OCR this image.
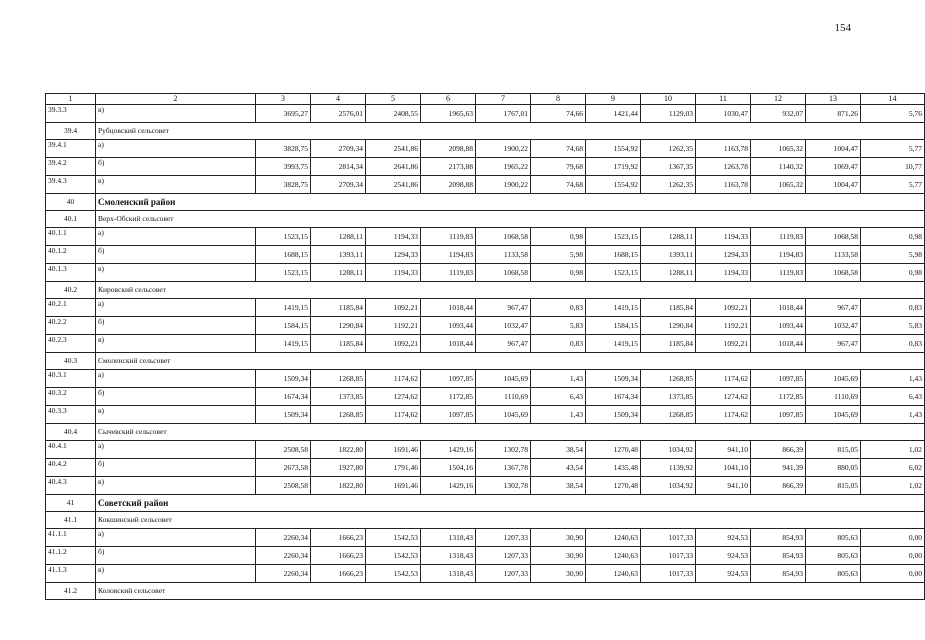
154
1	2	3	4	5	6	7	8	9	10	11	12	13	14
39.3.3	в)	3695,27	2576,01	2408,55	1965,63	1767,01	74,66	1421,44	1129,03	1030,47	932,07	871,26	5,76
39.4	Рубцовский сельсовет												
39.4.1	а)	3828,75	2709,34	2541,86	2098,88	1900,22	74,68	1554,92	1262,35	1163,78	1065,32	1004,47	5,77
39.4.2	б)	3993,75	2814,34	2641,86	2173,88	1965,22	79,68	1719,92	1367,35	1263,78	1140,32	1069,47	10,77
39.4.3	в)	3828,75	2709,34	2541,86	2098,88	1900,22	74,68	1554,92	1262,35	1163,78	1065,32	1004,47	5,77
40	Смоленский район												
40.1	Верх-Обский сельсовет												
40.1.1	а)	1523,15	1288,11	1194,33	1119,83	1068,58	0,98	1523,15	1288,11	1194,33	1119,83	1068,58	0,98
40.1.2	б)	1688,15	1393,11	1294,33	1194,83	1133,58	5,98	1688,15	1393,11	1294,33	1194,83	1133,58	5,98
40.1.3	в)	1523,15	1288,11	1194,33	1119,83	1068,58	0,98	1523,15	1288,11	1194,33	1119,83	1068,58	0,98
40.2	Кировский сельсовет												
40.2.1	а)	1419,15	1185,84	1092,21	1018,44	967,47	0,83	1419,15	1185,84	1092,21	1018,44	967,47	0,83
40.2.2	б)	1584,15	1290,84	1192,21	1093,44	1032,47	5,83	1584,15	1290,84	1192,21	1093,44	1032,47	5,83
40.2.3	в)	1419,15	1185,84	1092,21	1018,44	967,47	0,83	1419,15	1185,84	1092,21	1018,44	967,47	0,83
40.3	Смоленский сельсовет												
40.3.1	а)	1509,34	1268,85	1174,62	1097,85	1045,69	1,43	1509,34	1268,85	1174,62	1097,85	1045,69	1,43
40.3.2	б)	1674,34	1373,85	1274,62	1172,85	1110,69	6,43	1674,34	1373,85	1274,62	1172,85	1110,69	6,43
40.3.3	в)	1509,34	1268,85	1174,62	1097,85	1045,69	1,43	1509,34	1268,85	1174,62	1097,85	1045,69	1,43
40.4	Сычевский сельсовет												
40.4.1	а)	2508,58	1822,80	1691,46	1429,16	1302,78	38,54	1270,48	1034,92	941,10	866,39	815,05	1,02
40.4.2	б)	2673,58	1927,80	1791,46	1504,16	1367,78	43,54	1435,48	1139,92	1041,10	941,39	880,05	6,02
40.4.3	в)	2508,58	1822,80	1691,46	1429,16	1302,78	38,54	1270,48	1034,92	941,10	866,39	815,05	1,02
41	Советский район												
41.1	Кокшинский сельсовет												
41.1.1	а)	2260,34	1666,23	1542,53	1318,43	1207,33	30,90	1240,63	1017,33	924,53	854,93	805,63	0,00
41.1.2	б)	2260,34	1666,23	1542,53	1318,43	1207,33	30,90	1240,63	1017,33	924,53	854,93	805,63	0,00
41.1.3	в)	2260,34	1666,23	1542,53	1318,43	1207,33	30,90	1240,63	1017,33	924,53	854,93	805,63	0,00
41.2	Коловский сельсовет												
